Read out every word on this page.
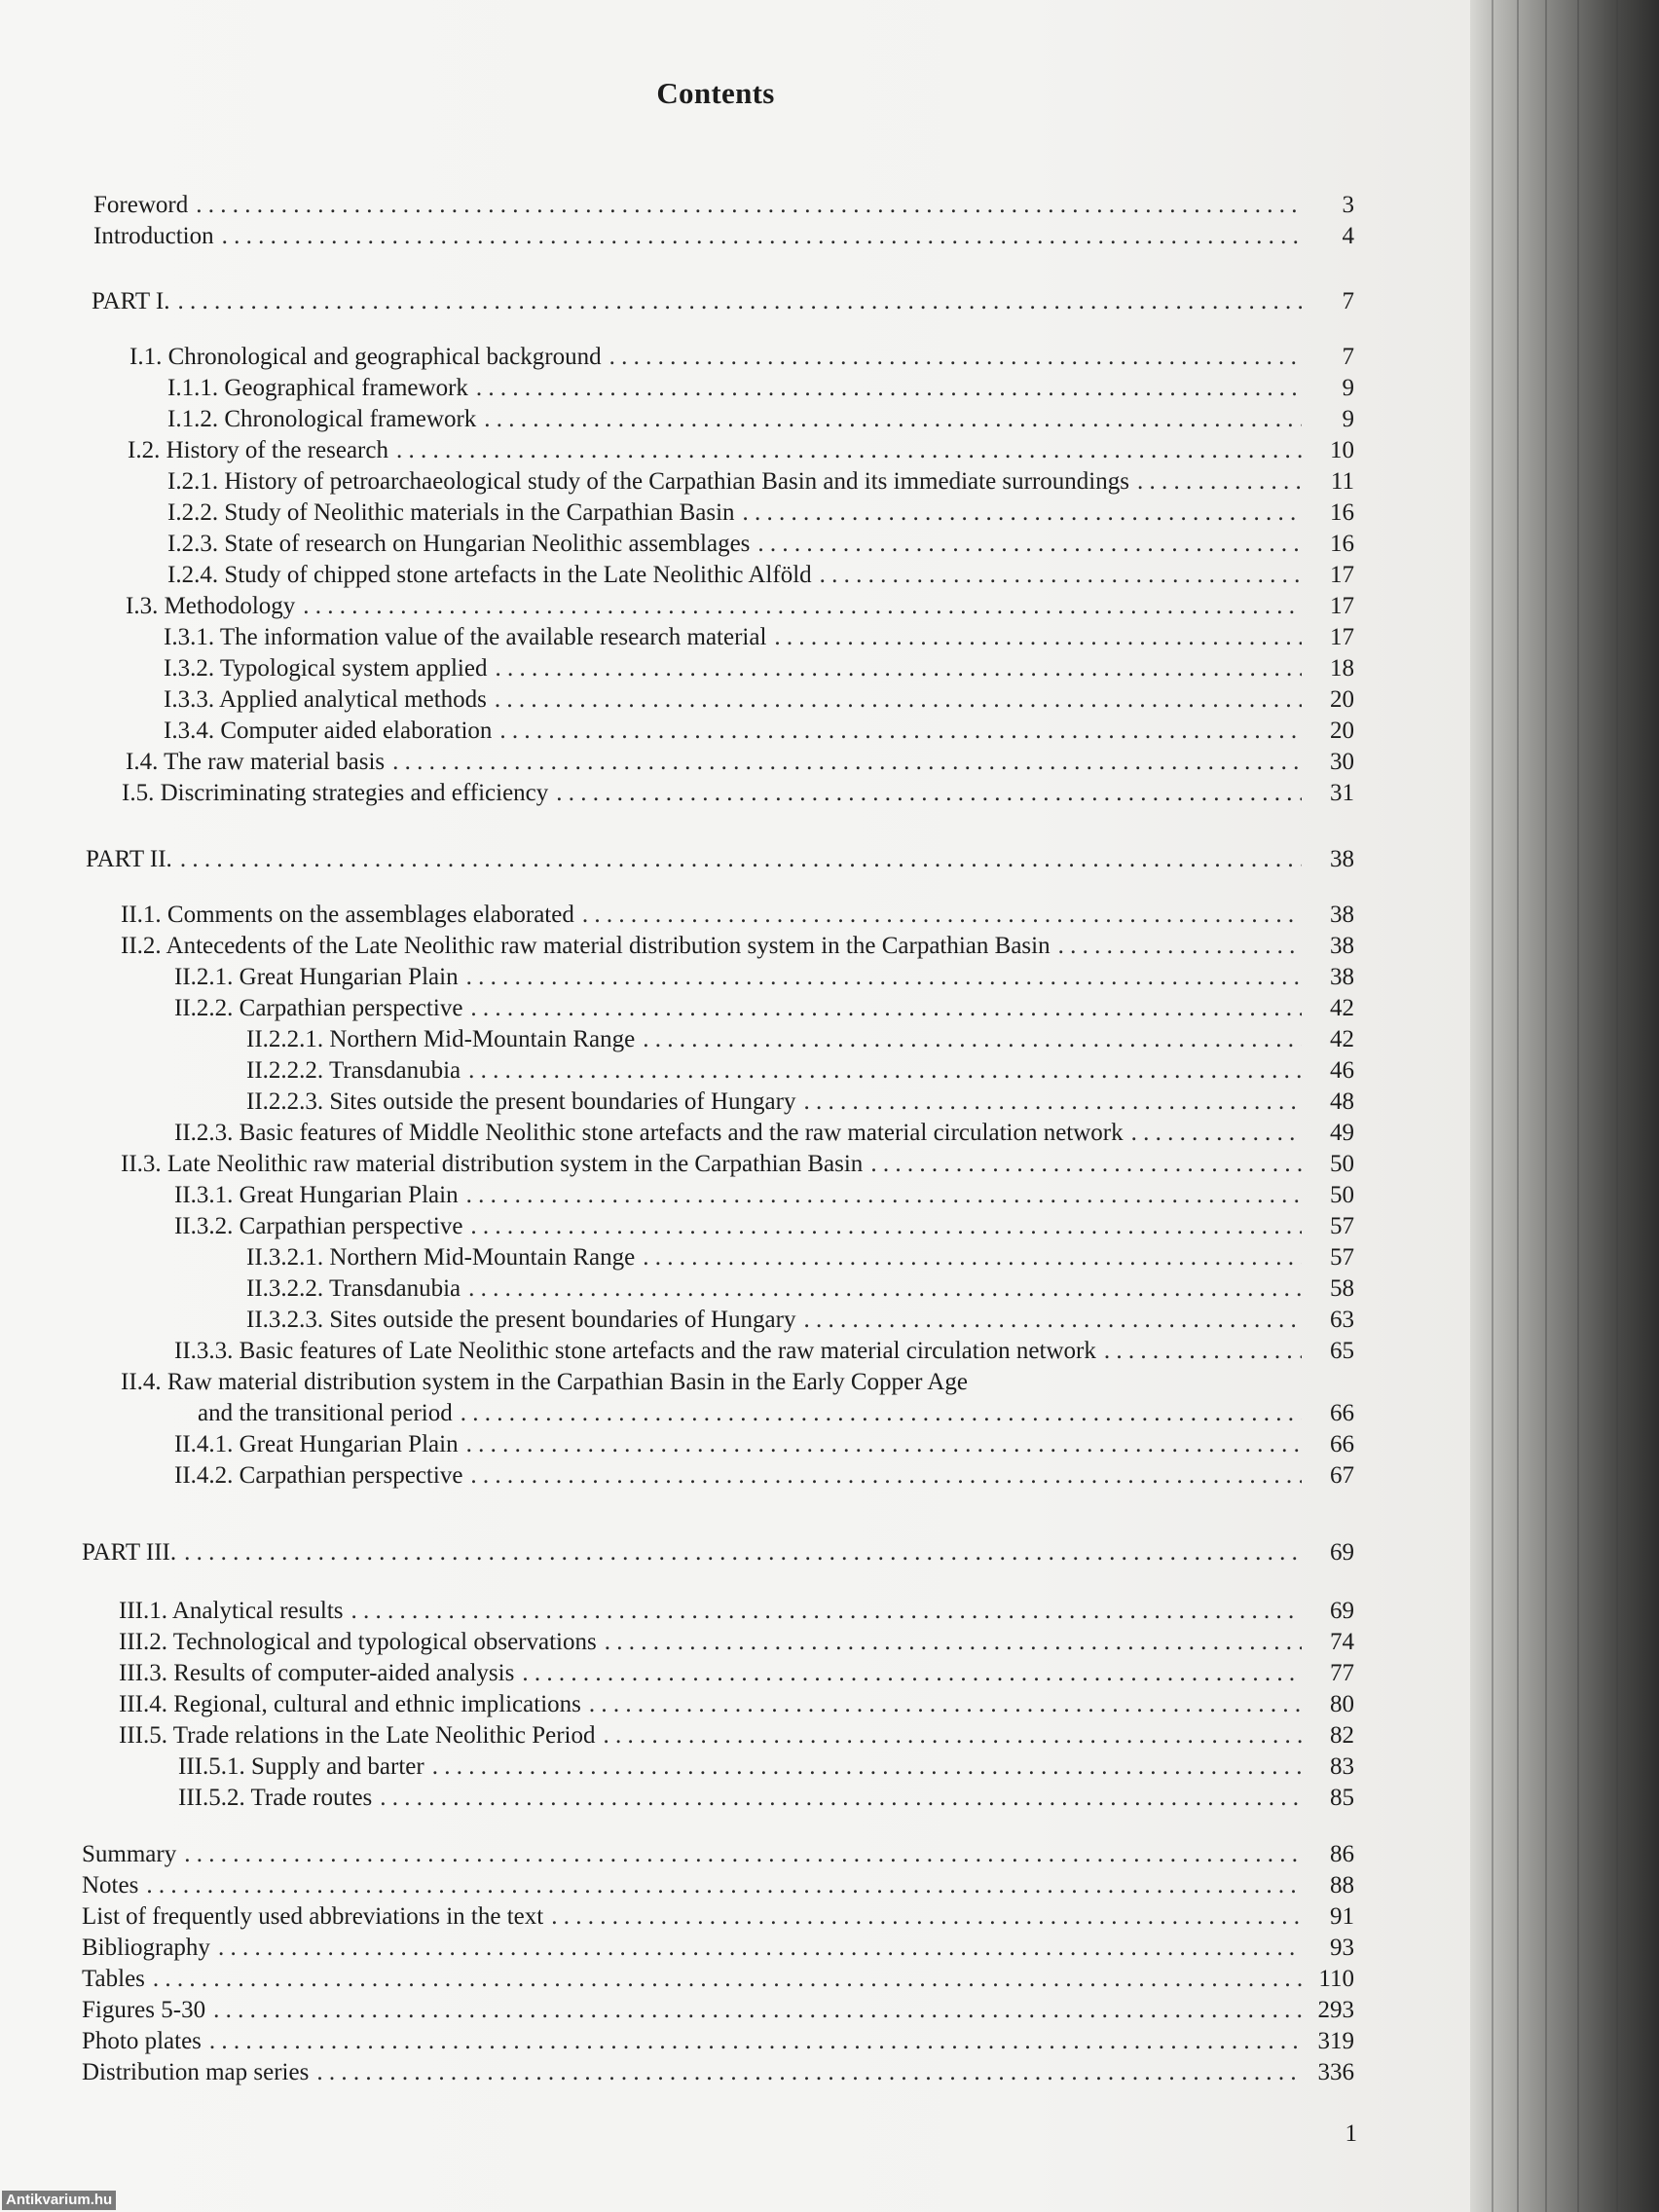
Contents
Foreword . . .	3
Introduction . . .	4
PART I. . . .	7
I.1. Chronological and geographical background . . .	7
I.1.1. Geographical framework . . .	9
I.1.2. Chronological framework . . .	9
I.2. History of the research . . .	10
I.2.1. History of petroarchaeological study of the Carpathian Basin and its immediate surroundings . . .	11
I.2.2. Study of Neolithic materials in the Carpathian Basin . . .	16
I.2.3. State of research on Hungarian Neolithic assemblages . . .	16
I.2.4. Study of chipped stone artefacts in the Late Neolithic Alföld . . .	17
I.3. Methodology . . .	17
I.3.1. The information value of the available research material . . .	17
I.3.2. Typological system applied . . .	18
I.3.3. Applied analytical methods . . .	20
I.3.4. Computer aided elaboration . . .	20
I.4. The raw material basis . . .	30
I.5. Discriminating strategies and efficiency . . .	31
PART II. . . .	38
II.1. Comments on the assemblages elaborated . . .	38
II.2. Antecedents of the Late Neolithic raw material distribution system in the Carpathian Basin . . .	38
II.2.1. Great Hungarian Plain . . .	38
II.2.2. Carpathian perspective . . .	42
II.2.2.1. Northern Mid-Mountain Range . . .	42
II.2.2.2. Transdanubia . . .	46
II.2.2.3. Sites outside the present boundaries of Hungary . . .	48
II.2.3. Basic features of Middle Neolithic stone artefacts and the raw material circulation network . . .	49
II.3. Late Neolithic raw material distribution system in the Carpathian Basin . . .	50
II.3.1. Great Hungarian Plain . . .	50
II.3.2. Carpathian perspective . . .	57
II.3.2.1. Northern Mid-Mountain Range . . .	57
II.3.2.2. Transdanubia . . .	58
II.3.2.3. Sites outside the present boundaries of Hungary . . .	63
II.3.3. Basic features of Late Neolithic stone artefacts and the raw material circulation network . . .	65
II.4. Raw material distribution system in the Carpathian Basin in the Early Copper Age
and the transitional period . . .	66
II.4.1. Great Hungarian Plain . . .	66
II.4.2. Carpathian perspective . . .	67
PART III. . . .	69
III.1. Analytical results . . .	69
III.2. Technological and typological observations . . .	74
III.3. Results of computer-aided analysis . . .	77
III.4. Regional, cultural and ethnic implications . . .	80
III.5. Trade relations in the Late Neolithic Period . . .	82
III.5.1. Supply and barter . . .	83
III.5.2. Trade routes . . .	85
Summary . . .	86
Notes . . .	88
List of frequently used abbreviations in the text . . .	91
Bibliography . . .	93
Tables . . .	110
Figures 5-30 . . .	293
Photo plates . . .	319
Distribution map series . . .	336
1
Antikvarium.hu
